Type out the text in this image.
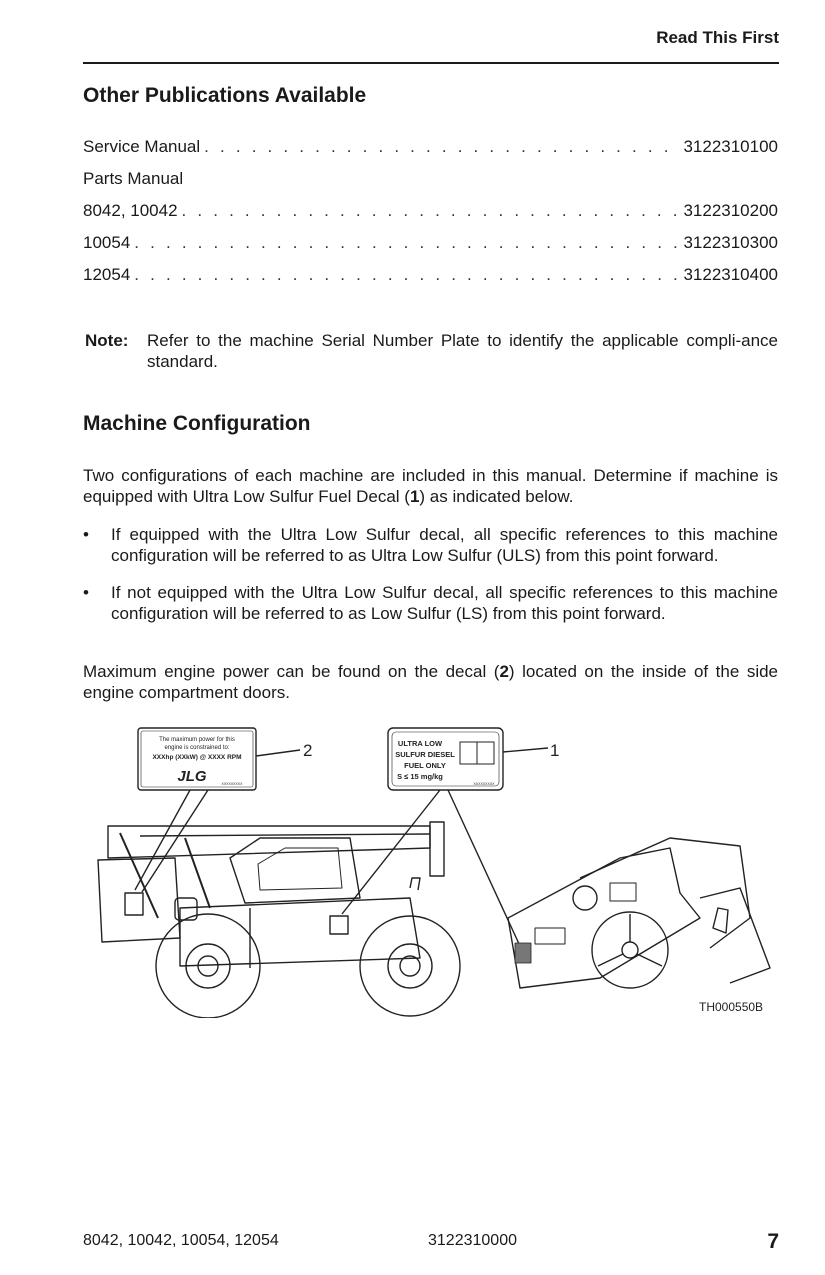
Read This First
Other Publications Available
Service Manual . . .	3122310100
Parts Manual
8042, 10042 . . .	3122310200
10054 . . .	3122310300
12054 . . .	3122310400
Note:	Refer to the machine Serial Number Plate to identify the applicable compli-ance standard.
Machine Configuration
Two configurations of each machine are included in this manual. Determine if machine is equipped with Ultra Low Sulfur Fuel Decal (1) as indicated below.
•	If equipped with the Ultra Low Sulfur decal, all specific references to this machine configuration will be referred to as Ultra Low Sulfur (ULS) from this point forward.
•	If not equipped with the Ultra Low Sulfur decal, all specific references to this machine configuration will be referred to as Low Sulfur (LS) from this point forward.
Maximum engine power can be found on the decal (2) located on the inside of the side engine compartment doors.
The maximum power for this
engine is constrained to:
XXXhp (XXkW) @ XXXX RPM
JLG	XXXXXXXXX
ULTRA LOW
SULFUR DIESEL
FUEL ONLY
S ≤ 15 mg/kg
XXXXXXXXX
2	1
TH000550B
8042, 10042, 10054, 12054	3122310000	7
